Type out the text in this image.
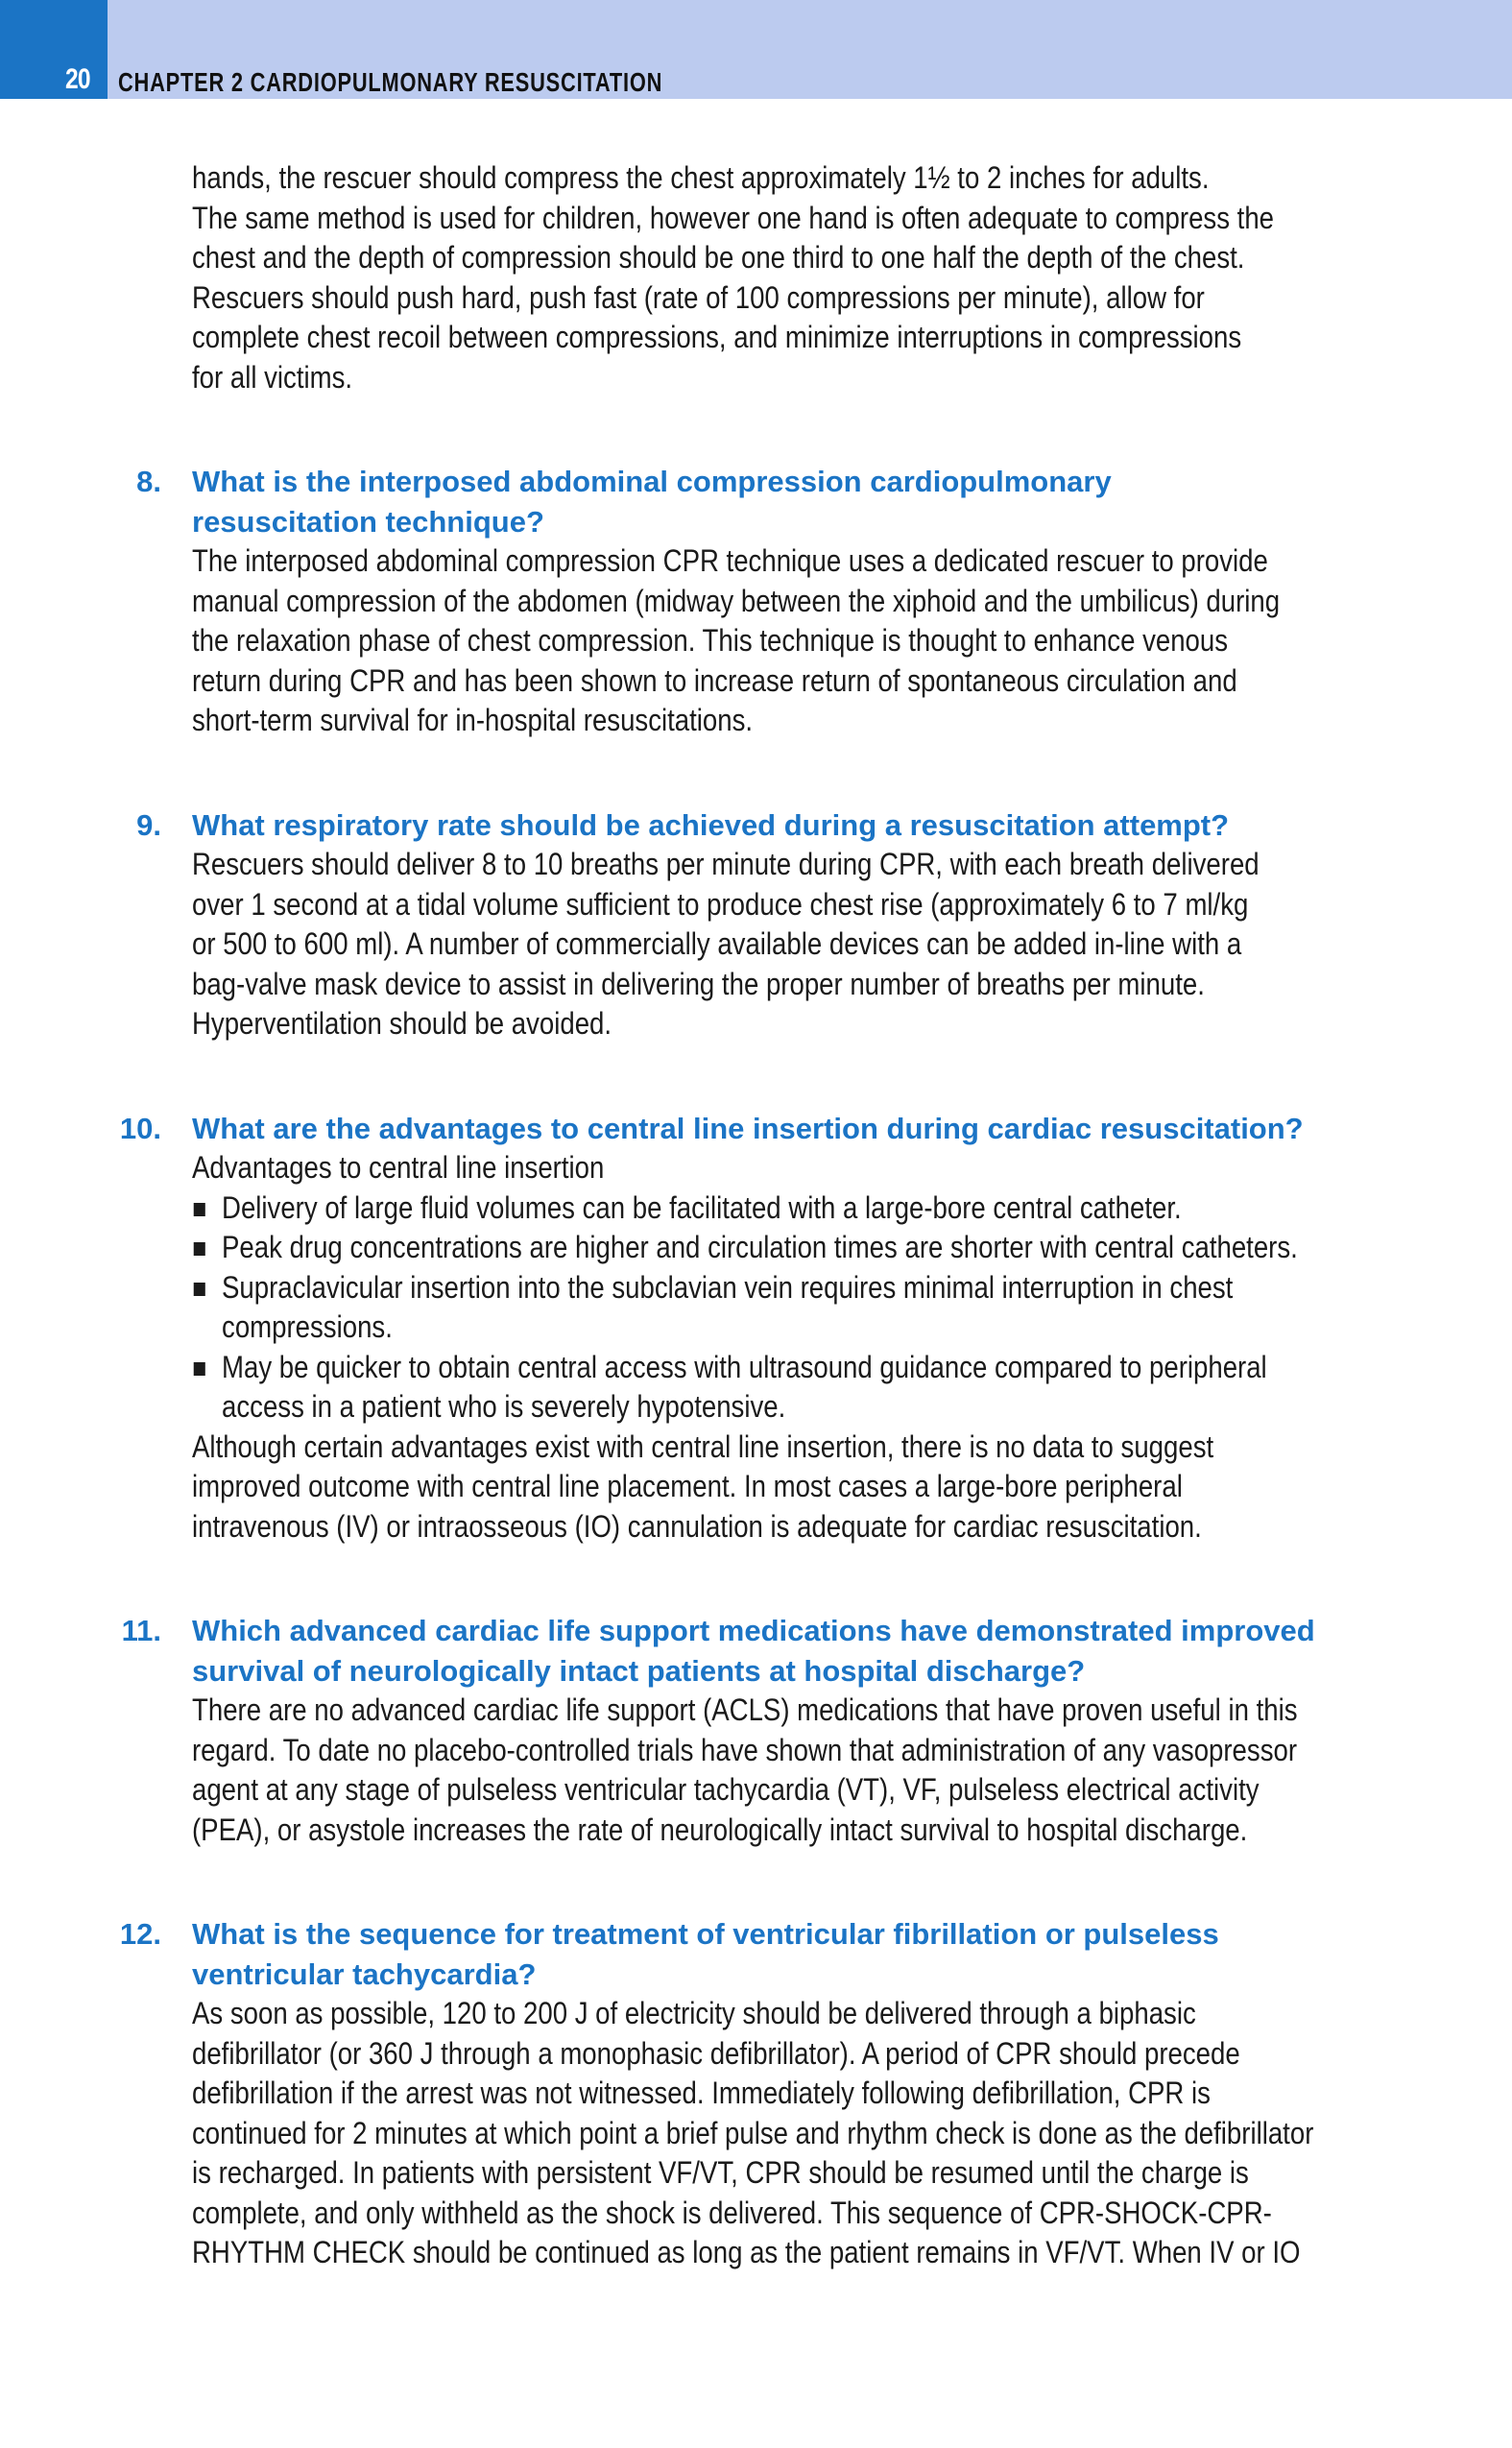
20 CHAPTER 2 CARDIOPULMONARY RESUSCITATION
hands, the rescuer should compress the chest approximately 1½ to 2 inches for adults.
The same method is used for children, however one hand is often adequate to compress the
chest and the depth of compression should be one third to one half the depth of the chest.
Rescuers should push hard, push fast (rate of 100 compressions per minute), allow for
complete chest recoil between compressions, and minimize interruptions in compressions
for all victims.
8. What is the interposed abdominal compression cardiopulmonary
resuscitation technique?
The interposed abdominal compression CPR technique uses a dedicated rescuer to provide
manual compression of the abdomen (midway between the xiphoid and the umbilicus) during
the relaxation phase of chest compression. This technique is thought to enhance venous
return during CPR and has been shown to increase return of spontaneous circulation and
short-term survival for in-hospital resuscitations.
9. What respiratory rate should be achieved during a resuscitation attempt?
Rescuers should deliver 8 to 10 breaths per minute during CPR, with each breath delivered
over 1 second at a tidal volume sufficient to produce chest rise (approximately 6 to 7 ml/kg
or 500 to 600 ml). A number of commercially available devices can be added in-line with a
bag-valve mask device to assist in delivering the proper number of breaths per minute.
Hyperventilation should be avoided.
10. What are the advantages to central line insertion during cardiac resuscitation?
Advantages to central line insertion
Delivery of large fluid volumes can be facilitated with a large-bore central catheter.
Peak drug concentrations are higher and circulation times are shorter with central catheters.
Supraclavicular insertion into the subclavian vein requires minimal interruption in chest
compressions.
May be quicker to obtain central access with ultrasound guidance compared to peripheral
access in a patient who is severely hypotensive.
Although certain advantages exist with central line insertion, there is no data to suggest
improved outcome with central line placement. In most cases a large-bore peripheral
intravenous (IV) or intraosseous (IO) cannulation is adequate for cardiac resuscitation.
11. Which advanced cardiac life support medications have demonstrated improved
survival of neurologically intact patients at hospital discharge?
There are no advanced cardiac life support (ACLS) medications that have proven useful in this
regard. To date no placebo-controlled trials have shown that administration of any vasopressor
agent at any stage of pulseless ventricular tachycardia (VT), VF, pulseless electrical activity
(PEA), or asystole increases the rate of neurologically intact survival to hospital discharge.
12. What is the sequence for treatment of ventricular fibrillation or pulseless
ventricular tachycardia?
As soon as possible, 120 to 200 J of electricity should be delivered through a biphasic
defibrillator (or 360 J through a monophasic defibrillator). A period of CPR should precede
defibrillation if the arrest was not witnessed. Immediately following defibrillation, CPR is
continued for 2 minutes at which point a brief pulse and rhythm check is done as the defibrillator
is recharged. In patients with persistent VF/VT, CPR should be resumed until the charge is
complete, and only withheld as the shock is delivered. This sequence of CPR-SHOCK-CPR-
RHYTHM CHECK should be continued as long as the patient remains in VF/VT. When IV or IO
